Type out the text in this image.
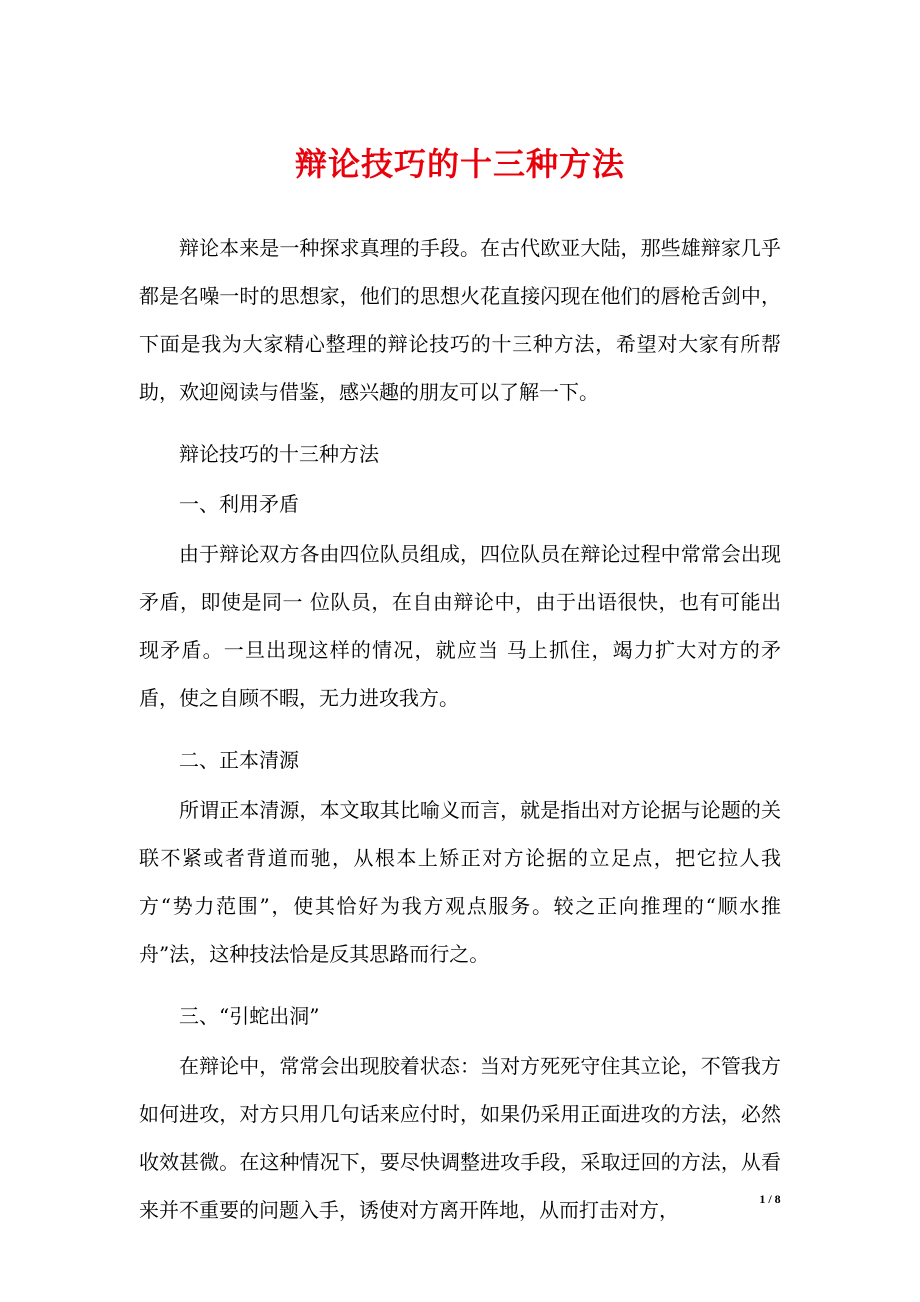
辩论技巧的十三种方法

辩论本来是一种探求真理的手段。在古代欧亚大陆，那些雄辩家几乎都是名噪一时的思想家，他们的思想火花直接闪现在他们的唇枪舌剑中，下面是我为大家精心整理的辩论技巧的十三种方法，希望对大家有所帮助，欢迎阅读与借鉴，感兴趣的朋友可以了解一下。

辩论技巧的十三种方法

一、利用矛盾

由于辩论双方各由四位队员组成，四位队员在辩论过程中常常会出现矛盾，即使是同一 位队员，在自由辩论中，由于出语很快，也有可能出现矛盾。一旦出现这样的情况，就应当 马上抓住，竭力扩大对方的矛盾，使之自顾不暇，无力进攻我方。

二、正本清源

所谓正本清源，本文取其比喻义而言，就是指出对方论据与论题的关联不紧或者背道而驰，从根本上矫正对方论据的立足点，把它拉人我方“势力范围”，使其恰好为我方观点服务。较之正向推理的“顺水推舟”法，这种技法恰是反其思路而行之。

三、“引蛇出洞”

在辩论中，常常会出现胶着状态：当对方死死守住其立论，不管我方如何进攻，对方只用几句话来应付时，如果仍采用正面进攻的方法，必然收效甚微。在这种情况下，要尽快调整进攻手段，采取迂回的方法，从看来并不重要的问题入手，诱使对方离开阵地，从而打击对方，	1 / 8
